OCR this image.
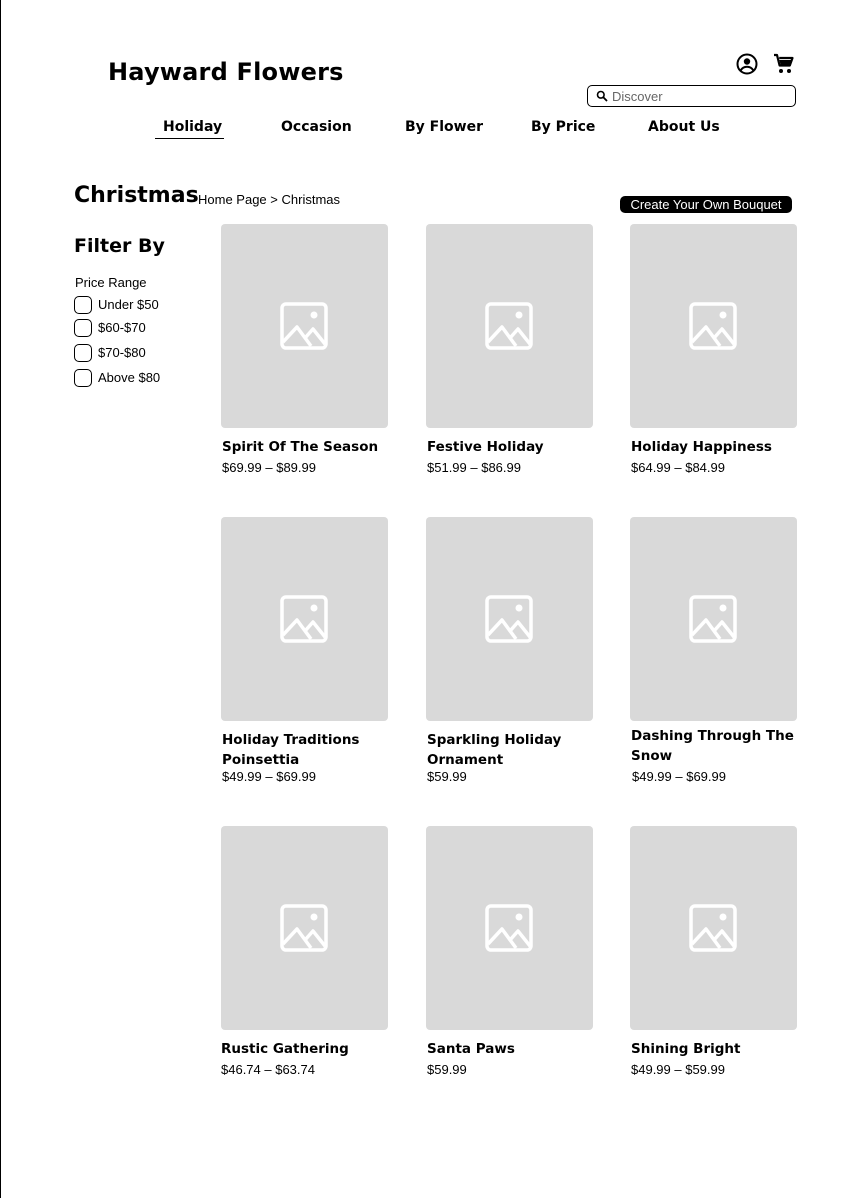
Hayward Flowers
Discover
Holiday	Occasion	By Flower	By Price	About Us
Christmas Home Page > Christmas	Create Your Own Bouquet
Filter By
Price Range
Under $50
$60-$70
$70-$80
Above $80
Spirit Of The Season
$69.99 – $89.99
Festive Holiday
$51.99 – $86.99
Holiday Happiness
$64.99 – $84.99
Holiday Traditions Poinsettia
$49.99 – $69.99
Sparkling Holiday Ornament
$59.99
Dashing Through The Snow
$49.99 – $69.99
Rustic Gathering
$46.74 – $63.74
Santa Paws
$59.99
Shining Bright
$49.99 – $59.99
